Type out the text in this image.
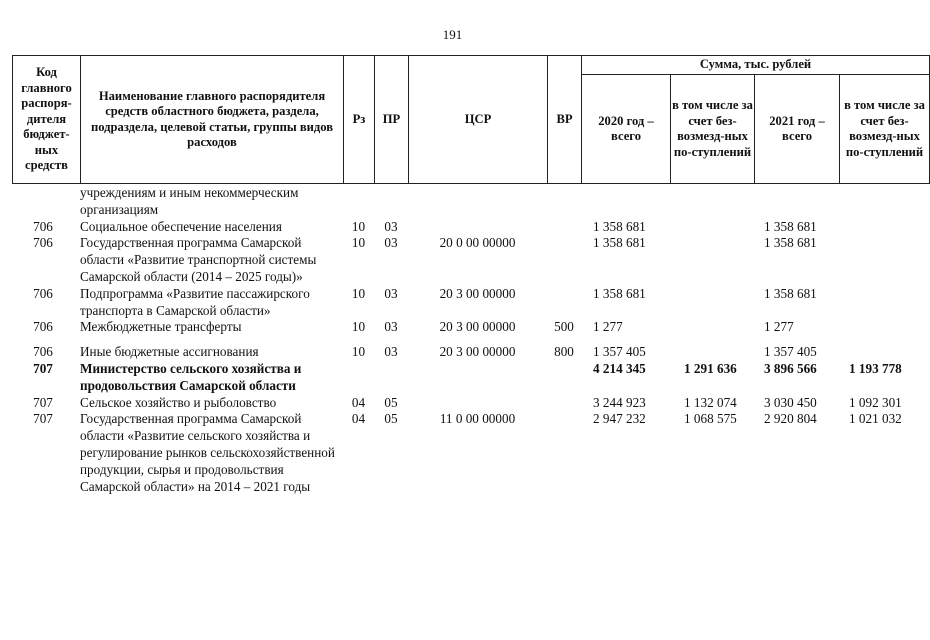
191
Код главного распоря-дителя бюджет-ных средств	Наименование главного распорядителя средств областного бюджета, раздела, подраздела, целевой статьи, группы видов расходов	Рз	ПР	ЦСР	ВР	Сумма, тыс. рублей			
						2020 год – всего	в том числе за счет без-возмезд-ных по-ступлений	2021 год – всего	в том числе за счет без-возмезд-ных по-ступлений
	учреждениям и иным некоммерческим организациям								
706	Социальное обеспечение населения	10	03			1 358 681		1 358 681	
706	Государственная программа Самарской области «Развитие транспортной системы Самарской области (2014 – 2025 годы)»	10	03	20 0 00 00000		1 358 681		1 358 681	
706	Подпрограмма «Развитие пассажирского транспорта в Самарской области»	10	03	20 3 00 00000		1 358 681		1 358 681	
706	Межбюджетные трансферты	10	03	20 3 00 00000	500	1 277		1 277	
706	Иные бюджетные ассигнования	10	03	20 3 00 00000	800	1 357 405		1 357 405	
707	Министерство сельского хозяйства и продовольствия Самарской области					4 214 345	1 291 636	3 896 566	1 193 778
707	Сельское хозяйство и рыболовство	04	05			3 244 923	1 132 074	3 030 450	1 092 301
707	Государственная программа Самарской области «Развитие сельского хозяйства и регулирование рынков сельскохозяйственной продукции, сырья и продовольствия Самарской области» на 2014 – 2021 годы	04	05	11 0 00 00000		2 947 232	1 068 575	2 920 804	1 021 032
